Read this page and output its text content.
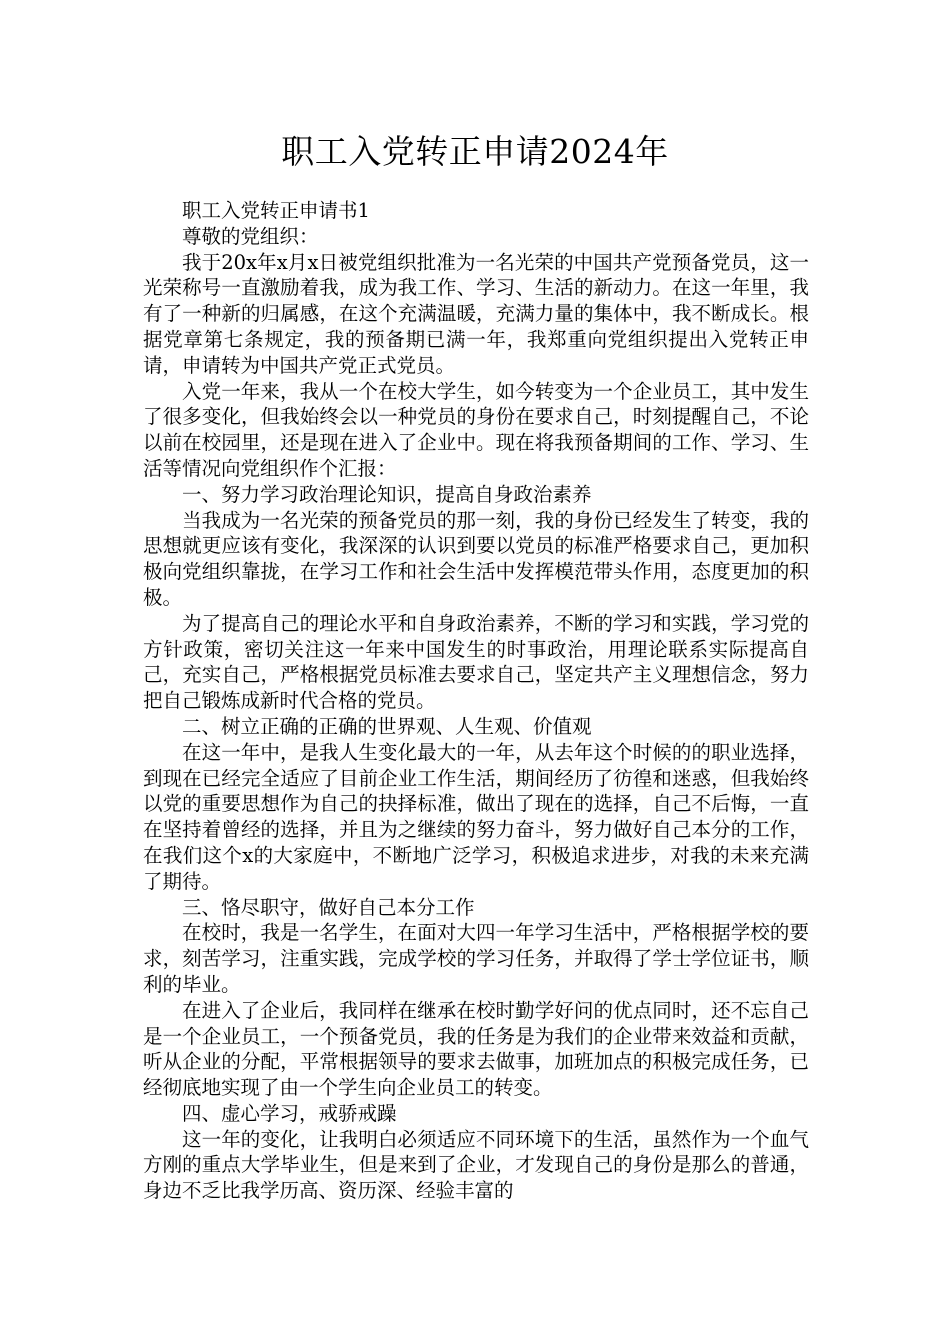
职工入党转正申请2024年

职工入党转正申请书1

尊敬的党组织：

我于20x年x月x日被党组织批准为一名光荣的中国共产党预备党员，这一光荣称号一直激励着我，成为我工作、学习、生活的新动力。在这一年里，我有了一种新的归属感，在这个充满温暖，充满力量的集体中，我不断成长。根据党章第七条规定，我的预备期已满一年，我郑重向党组织提出入党转正申请，申请转为中国共产党正式党员。

入党一年来，我从一个在校大学生，如今转变为一个企业员工，其中发生了很多变化，但我始终会以一种党员的身份在要求自己，时刻提醒自己，不论以前在校园里，还是现在进入了企业中。现在将我预备期间的工作、学习、生活等情况向党组织作个汇报：

一、努力学习政治理论知识，提高自身政治素养

当我成为一名光荣的预备党员的那一刻，我的身份已经发生了转变，我的思想就更应该有变化，我深深的认识到要以党员的标准严格要求自己，更加积极向党组织靠拢，在学习工作和社会生活中发挥模范带头作用，态度更加的积极。

为了提高自己的理论水平和自身政治素养，不断的学习和实践，学习党的方针政策，密切关注这一年来中国发生的时事政治，用理论联系实际提高自己，充实自己，严格根据党员标准去要求自己，坚定共产主义理想信念，努力把自己锻炼成新时代合格的党员。

二、树立正确的正确的世界观、人生观、价值观

在这一年中，是我人生变化最大的一年，从去年这个时候的的职业选择，到现在已经完全适应了目前企业工作生活，期间经历了彷徨和迷惑，但我始终以党的重要思想作为自己的抉择标准，做出了现在的选择，自己不后悔，一直在坚持着曾经的选择，并且为之继续的努力奋斗，努力做好自己本分的工作，在我们这个x的大家庭中，不断地广泛学习，积极追求进步，对我的未来充满了期待。

三、恪尽职守，做好自己本分工作

在校时，我是一名学生，在面对大四一年学习生活中，严格根据学校的要求，刻苦学习，注重实践，完成学校的学习任务，并取得了学士学位证书，顺利的毕业。

在进入了企业后，我同样在继承在校时勤学好问的优点同时，还不忘自己是一个企业员工，一个预备党员，我的任务是为我们的企业带来效益和贡献，听从企业的分配，平常根据领导的要求去做事，加班加点的积极完成任务，已经彻底地实现了由一个学生向企业员工的转变。

四、虚心学习，戒骄戒躁

这一年的变化，让我明白必须适应不同环境下的生活，虽然作为一个血气方刚的重点大学毕业生，但是来到了企业，才发现自己的身份是那么的普通，身边不乏比我学历高、资历深、经验丰富的
